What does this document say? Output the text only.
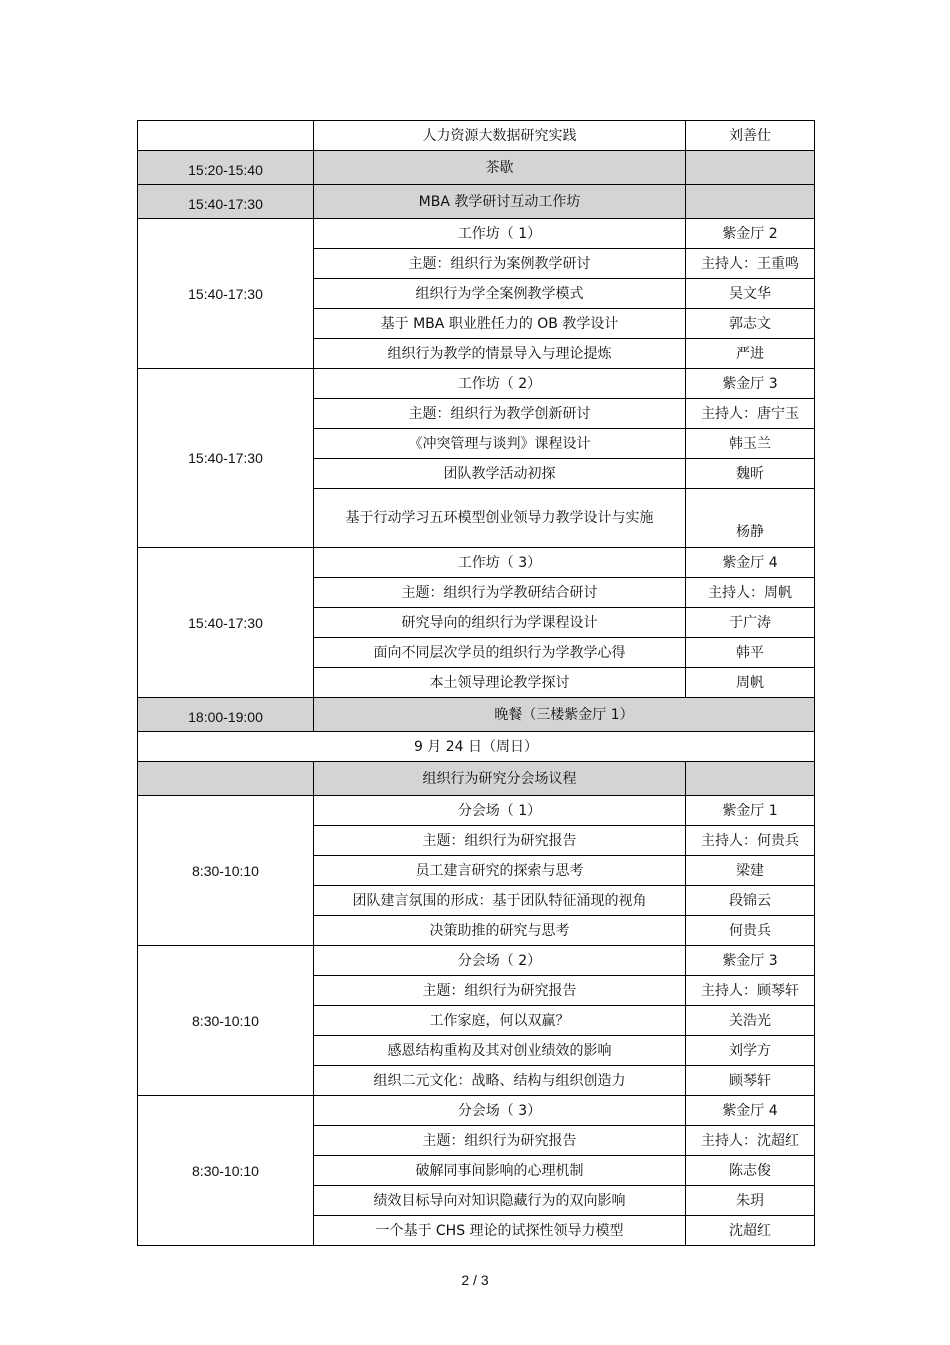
	人力资源大数据研究实践	刘善仕
15:20-15:40	茶歇	
15:40-17:30	MBA 教学研讨互动工作坊	
15:40-17:30	工作坊（ 1）	紫金厅 2
	主题：组织行为案例教学研讨	主持人：王重鸣
	组织行为学全案例教学模式	吴文华
	基于 MBA 职业胜任力的 OB 教学设计	郭志文
	组织行为教学的情景导入与理论提炼	严进
15:40-17:30	工作坊（ 2）	紫金厅 3
	主题：组织行为教学创新研讨	主持人：唐宁玉
	《冲突管理与谈判》课程设计	韩玉兰
	团队教学活动初探	魏昕
	基于行动学习五环模型创业领导力教学设计与实施	杨静
15:40-17:30	工作坊（ 3）	紫金厅 4
	主题：组织行为学教研结合研讨	主持人：周帆
	研究导向的组织行为学课程设计	于广涛
	面向不同层次学员的组织行为学教学心得	韩平
	本土领导理论教学探讨	周帆
18:00-19:00	晚餐（三楼紫金厅 1）	
9 月 24 日（周日）		
	组织行为研究分会场议程	
8:30-10:10	分会场（ 1）	紫金厅 1
	主题：组织行为研究报告	主持人：何贵兵
	员工建言研究的探索与思考	梁建
	团队建言氛围的形成：基于团队特征涌现的视角	段锦云
	决策助推的研究与思考	何贵兵
8:30-10:10	分会场（ 2）	紫金厅 3
	主题：组织行为研究报告	主持人：顾琴轩
	工作家庭，何以双赢？	关浩光
	感恩结构重构及其对创业绩效的影响	刘学方
	组织二元文化：战略、结构与组织创造力	顾琴轩
8:30-10:10	分会场（ 3）	紫金厅 4
	主题：组织行为研究报告	主持人：沈超红
	破解同事间影响的心理机制	陈志俊
	绩效目标导向对知识隐藏行为的双向影响	朱玥
	一个基于 CHS 理论的试探性领导力模型	沈超红
2 / 3
